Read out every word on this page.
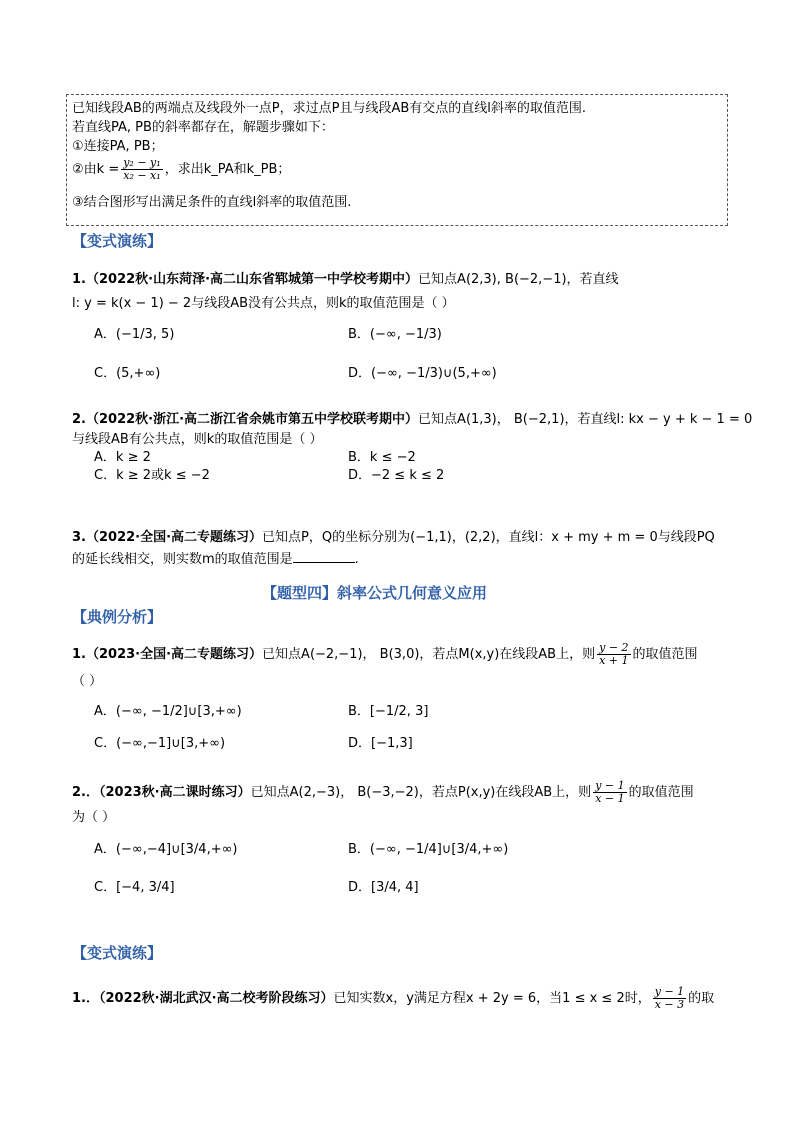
已知线段AB的两端点及线段外一点P，求过点P且与线段AB有交点的直线l斜率的取值范围.
若直线PA, PB的斜率都存在，解题步骤如下：
①连接PA, PB；
②由$k = \frac{\text{y₂ − y₁}}{\text{x₂ − x₁}}$ ，求出k_PA和k_PB；
③结合图形写出满足条件的直线l斜率的取值范围.
【变式演练】
1.（2022秋·山东菏泽·高二山东省郓城第一中学校考期中）已知点A(2,3), B(−2,−1)，若直线
l: y = k(x − 1) − 2与线段AB没有公共点，则k的取值范围是（ ）
A．(−1/3, 5)	B．(−∞, −1/3)
C．(5,+∞)	D．(−∞, −1/3)∪(5,+∞)
2.（2022秋·浙江·高二浙江省余姚市第五中学校联考期中）已知点A(1,3)， B(−2,1)，若直线l: kx − y + k − 1 = 0
与线段AB有公共点，则k的取值范围是（ ）
A．k ≥ 2	B．k ≤ −2
C．k ≥ 2或k ≤ −2	D．−2 ≤ k ≤ 2
3.（2022·全国·高二专题练习）已知点P，Q的坐标分别为(−1,1)，(2,2)，直线l：x + my + m = 0与线段PQ
的延长线相交，则实数m的取值范围是	.
【题型四】斜率公式几何意义应用
【典例分析】
1.（2023·全国·高二专题练习）已知点A(−2,−1)， B(3,0)，若点M(x,y)在线段AB上，则 $\frac{y - 2}{x + 1}$ 的取值范围
（ ）
A．(−∞, −1/2]∪[3,+∞)	B．[−1/2, 3]
C．(−∞,−1]∪[3,+∞)	D．[−1,3]
2.．（2023秋·高二课时练习）已知点A(2,−3)， B(−3,−2)，若点P(x,y)在线段AB上，则 $\frac{y - 1}{x - 1}$ 的取值范围
为（ ）
A．(−∞,−4]∪[3/4,+∞)	B．(−∞, −1/4]∪[3/4,+∞)
C．[−4, 3/4]	D．[3/4, 4]
【变式演练】
1.．（2022秋·湖北武汉·高二校考阶段练习）已知实数x，y满足方程x + 2y = 6，当1 ≤ x ≤ 2时， $\frac{y - 1}{x - 3}$ 的取
